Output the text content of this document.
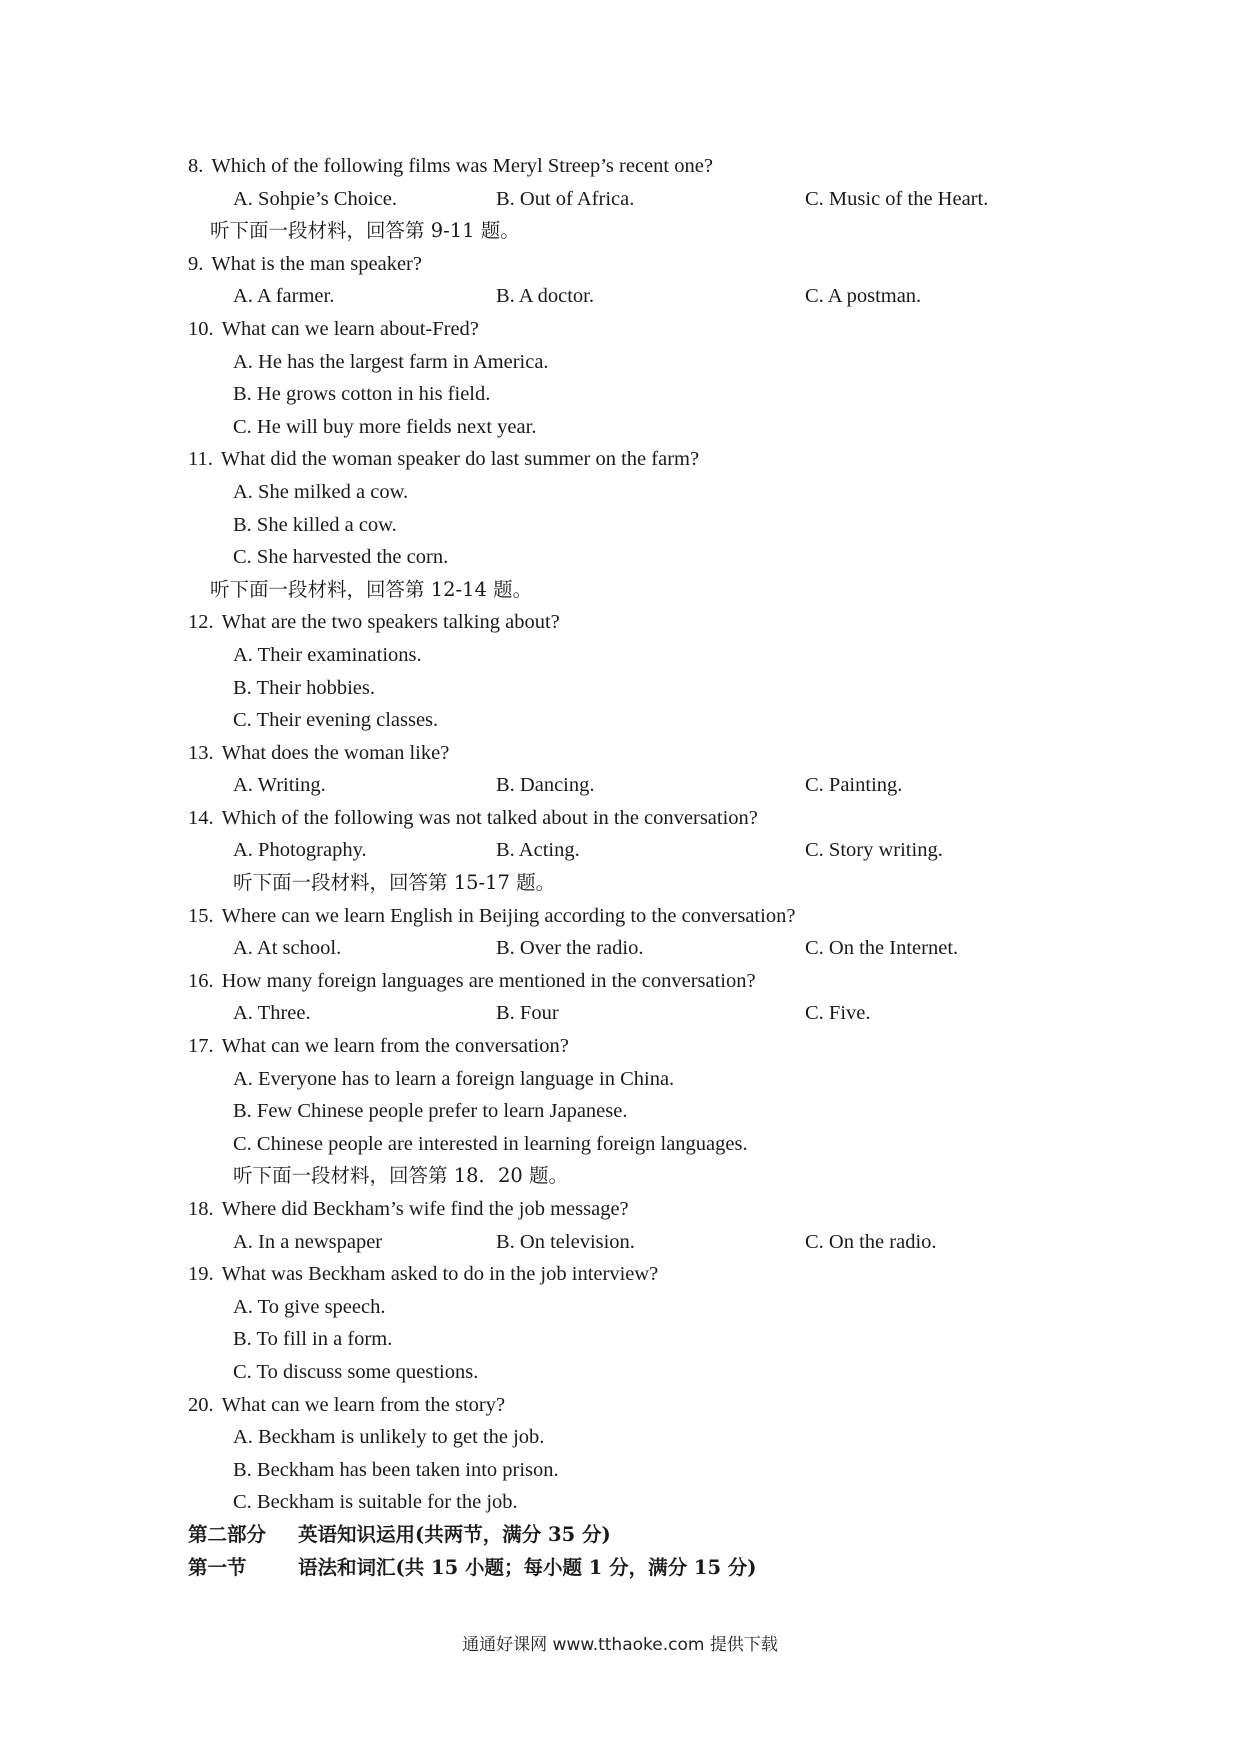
8. Which of the following films was Meryl Streep’s recent one?
A. Sohpie’s Choice.	B. Out of Africa.	C. Music of the Heart.
听下面一段材料，回答第 9-11 题。
9. What is the man speaker?
A. A farmer.	B. A doctor.	C. A postman.
10. What can we learn about-Fred?
A. He has the largest farm in America.
B. He grows cotton in his field.
C. He will buy more fields next year.
11. What did the woman speaker do last summer on the farm?
A. She milked a cow.
B. She killed a cow.
C. She harvested the corn.
听下面一段材料，回答第 12-14 题。
12. What are the two speakers talking about?
A. Their examinations.
B. Their hobbies.
C. Their evening classes.
13. What does the woman like?
A. Writing.	B. Dancing.	C. Painting.
14. Which of the following was not talked about in the conversation?
A. Photography.	B. Acting.	C. Story writing.
听下面一段材料，回答第 15-17 题。
15. Where can we learn English in Beijing according to the conversation?
A. At school.	B. Over the radio.	C. On the Internet.
16. How many foreign languages are mentioned in the conversation?
A. Three.	B. Four	C. Five.
17. What can we learn from the conversation?
A. Everyone has to learn a foreign language in China.
B. Few Chinese people prefer to learn Japanese.
C. Chinese people are interested in learning foreign languages.
听下面一段材料，回答第 18．20 题。
18. Where did Beckham’s wife find the job message?
A. In a newspaper	B. On television.	C. On the radio.
19. What was Beckham asked to do in the job interview?
A. To give speech.
B. To fill in a form.
C. To discuss some questions.
20. What can we learn from the story?
A. Beckham is unlikely to get the job.
B. Beckham has been taken into prison.
C. Beckham is suitable for the job.
第二部分 英语知识运用(共两节，满分 35 分)
第一节	语法和词汇(共 15 小题；每小题 1 分，满分 15 分)
通通好课网 www.tthaoke.com 提供下载
